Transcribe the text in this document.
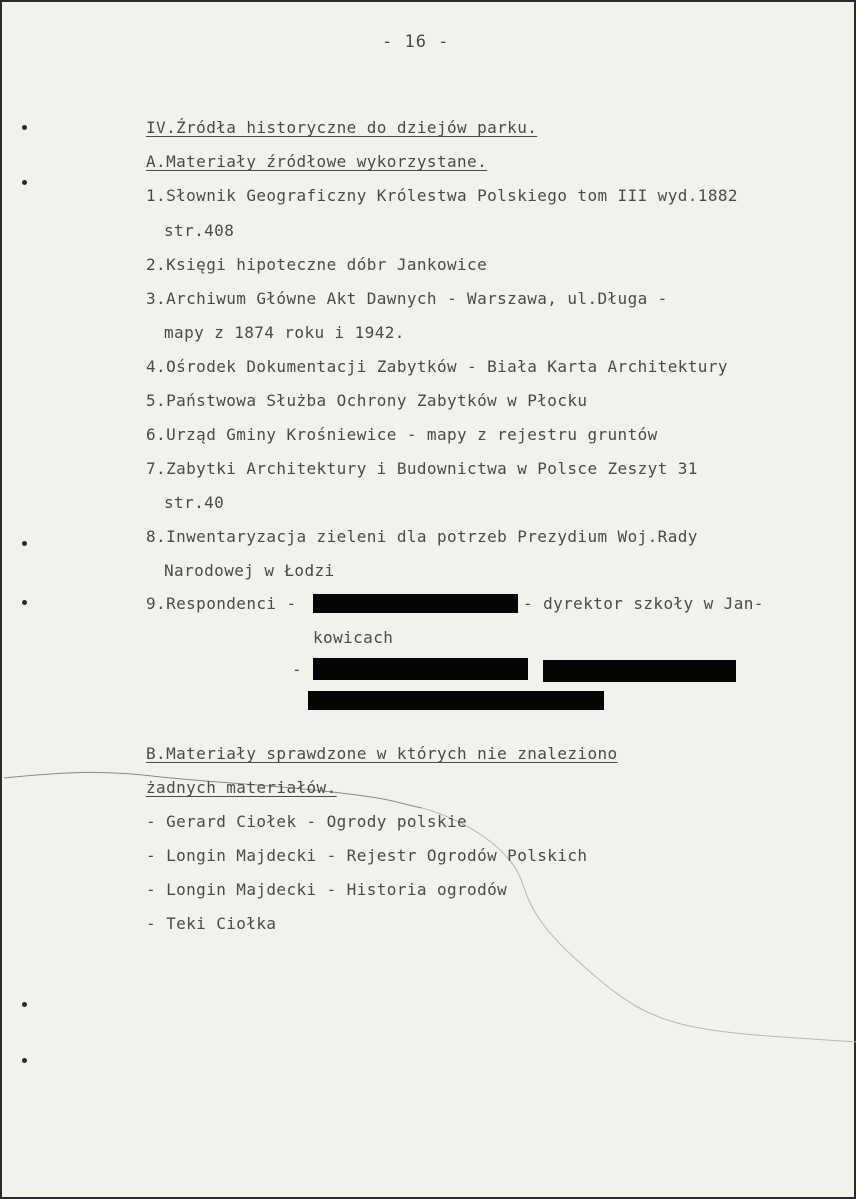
- 16 -
IV.Źródła historyczne do dziejów parku.
A.Materiały źródłowe wykorzystane.
1.Słownik Geograficzny Królestwa Polskiego tom III wyd.1882
str.408
2.Księgi hipoteczne dóbr Jankowice
3.Archiwum Główne Akt Dawnych - Warszawa, ul.Długa -
mapy z 1874 roku i 1942.
4.Ośrodek Dokumentacji Zabytków - Biała Karta Architektury
5.Państwowa Służba Ochrony Zabytków w Płocku
6.Urząd Gminy Krośniewice - mapy z rejestru gruntów
7.Zabytki Architektury i Budownictwa w Polsce Zeszyt 31
str.40
8.Inwentaryzacja zieleni dla potrzeb Prezydium Woj.Rady
Narodowej w Łodzi
9.Respondenci -	- dyrektor szkoły w Jan-
kowicach
-
B.Materiały sprawdzone w których nie znaleziono
żadnych materiałów.
- Gerard Ciołek - Ogrody polskie
- Longin Majdecki - Rejestr Ogrodów Polskich
- Longin Majdecki - Historia ogrodów
- Teki Ciołka
